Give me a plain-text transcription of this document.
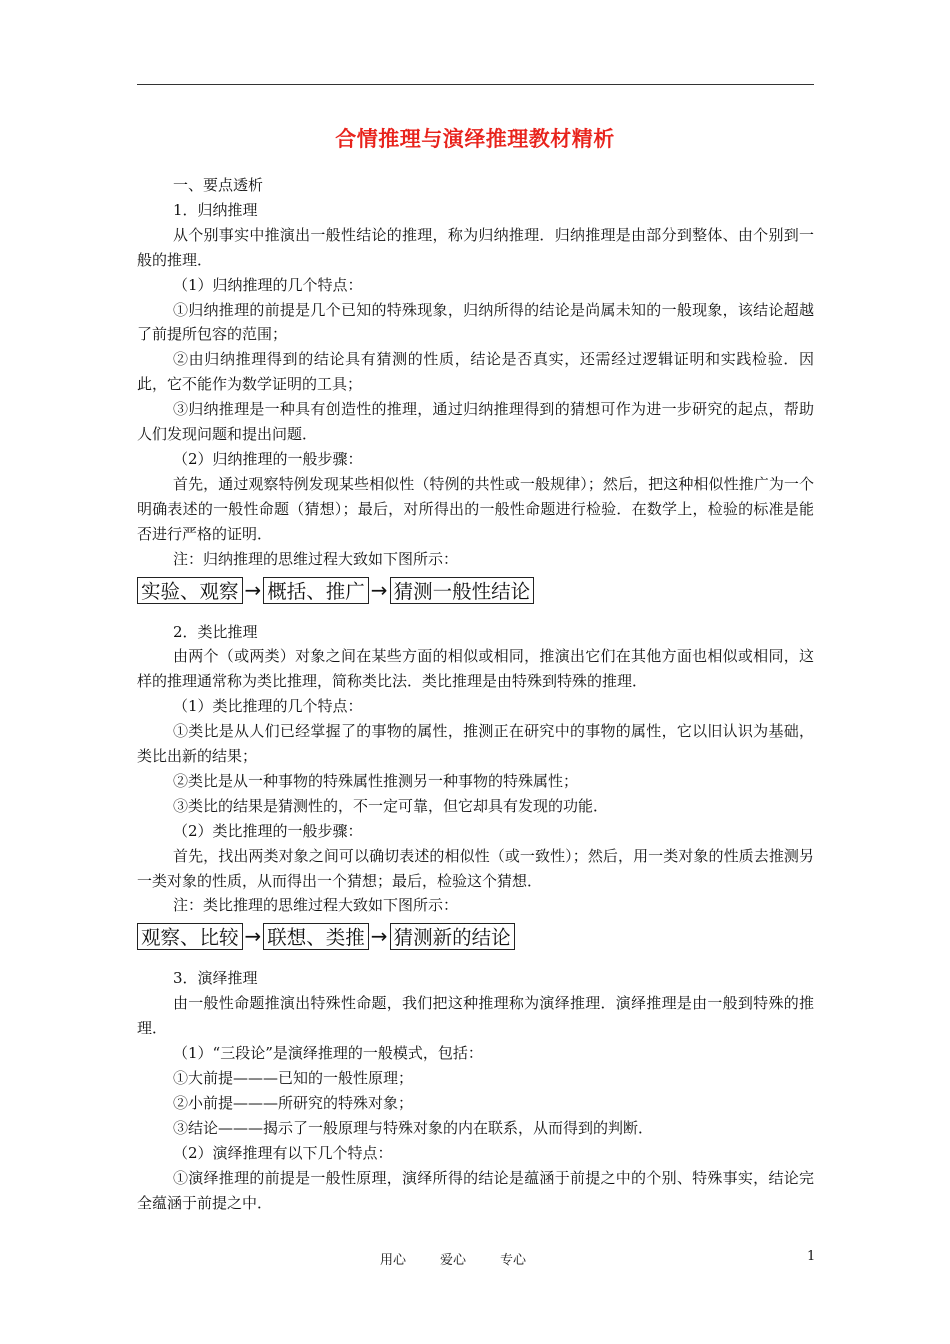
合情推理与演绎推理教材精析

一、要点透析

1．归纳推理

从个别事实中推演出一般性结论的推理，称为归纳推理．归纳推理是由部分到整体、由个别到一般的推理．

（1）归纳推理的几个特点：

①归纳推理的前提是几个已知的特殊现象，归纳所得的结论是尚属未知的一般现象，该结论超越了前提所包容的范围；

②由归纳推理得到的结论具有猜测的性质，结论是否真实，还需经过逻辑证明和实践检验．因此，它不能作为数学证明的工具；

③归纳推理是一种具有创造性的推理，通过归纳推理得到的猜想可作为进一步研究的起点，帮助人们发现问题和提出问题．

（2）归纳推理的一般步骤：

首先，通过观察特例发现某些相似性（特例的共性或一般规律）；然后，把这种相似性推广为一个明确表述的一般性命题（猜想）；最后，对所得出的一般性命题进行检验．在数学上，检验的标准是能否进行严格的证明．

注：归纳推理的思维过程大致如下图所示：

实验、观察 → 概括、推广 → 猜测一般性结论

2．类比推理

由两个（或两类）对象之间在某些方面的相似或相同，推演出它们在其他方面也相似或相同，这样的推理通常称为类比推理，简称类比法．类比推理是由特殊到特殊的推理．

（1）类比推理的几个特点：

①类比是从人们已经掌握了的事物的属性，推测正在研究中的事物的属性，它以旧认识为基础，类比出新的结果；

②类比是从一种事物的特殊属性推测另一种事物的特殊属性；

③类比的结果是猜测性的，不一定可靠，但它却具有发现的功能．

（2）类比推理的一般步骤：

首先，找出两类对象之间可以确切表述的相似性（或一致性）；然后，用一类对象的性质去推测另一类对象的性质，从而得出一个猜想；最后，检验这个猜想．

注：类比推理的思维过程大致如下图所示：

观察、比较 → 联想、类推 → 猜测新的结论

3．演绎推理

由一般性命题推演出特殊性命题，我们把这种推理称为演绎推理．演绎推理是由一般到特殊的推理．

（1）“三段论”是演绎推理的一般模式，包括：

①大前提———已知的一般性原理；

②小前提———所研究的特殊对象；

③结论———揭示了一般原理与特殊对象的内在联系，从而得到的判断．

（2）演绎推理有以下几个特点：

①演绎推理的前提是一般性原理，演绎所得的结论是蕴涵于前提之中的个别、特殊事实，结论完全蕴涵于前提之中．

用心	爱心	专心	1
